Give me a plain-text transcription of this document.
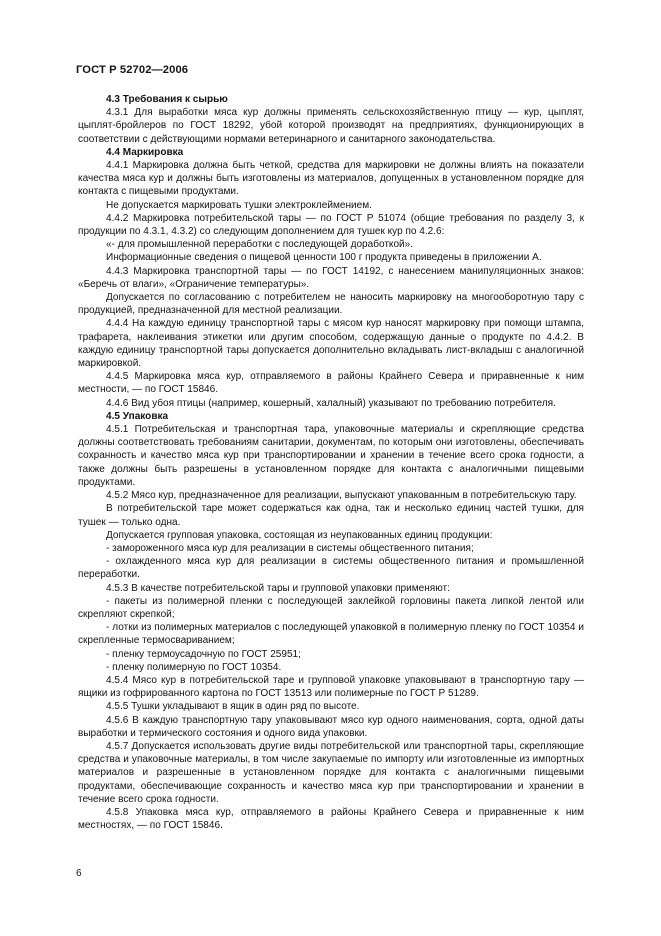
ГОСТ Р 52702—2006

4.3 Требования к сырью

4.3.1 Для выработки мяса кур должны применять сельскохозяйственную птицу — кур, цыплят, цыплят-бройлеров по ГОСТ 18292, убой которой производят на предприятиях, функционирующих в соответствии с действующими нормами ветеринарного и санитарного законодательства.

4.4 Маркировка

4.4.1 Маркировка должна быть четкой, средства для маркировки не должны влиять на показатели качества мяса кур и должны быть изготовлены из материалов, допущенных в установленном порядке для контакта с пищевыми продуктами.

Не допускается маркировать тушки электроклеймением.

4.4.2 Маркировка потребительской тары — по ГОСТ Р 51074 (общие требования по разделу 3, к продукции по 4.3.1, 4.3.2) со следующим дополнением для тушек кур по 4.2.6:

«- для промышленной переработки с последующей доработкой».

Информационные сведения о пищевой ценности 100 г продукта приведены в приложении А.

4.4.3 Маркировка транспортной тары — по ГОСТ 14192, с нанесением манипуляционных знаков: «Беречь от влаги», «Ограничение температуры».

Допускается по согласованию с потребителем не наносить маркировку на многооборотную тару с продукцией, предназначенной для местной реализации.

4.4.4 На каждую единицу транспортной тары с мясом кур наносят маркировку при помощи штампа, трафарета, наклеивания этикетки или другим способом, содержащую данные о продукте по 4.4.2. В каждую единицу транспортной тары допускается дополнительно вкладывать лист-вкладыш с аналогичной маркировкой.

4.4.5 Маркировка мяса кур, отправляемого в районы Крайнего Севера и приравненные к ним местности, — по ГОСТ 15846.

4.4.6 Вид убоя птицы (например, кошерный, халалный) указывают по требованию потребителя.

4.5 Упаковка

4.5.1 Потребительская и транспортная тара, упаковочные материалы и скрепляющие средства должны соответствовать требованиям санитарии, документам, по которым они изготовлены, обеспечивать сохранность и качество мяса кур при транспортировании и хранении в течение всего срока годности, а также должны быть разрешены в установленном порядке для контакта с аналогичными пищевыми продуктами.

4.5.2 Мясо кур, предназначенное для реализации, выпускают упакованным в потребительскую тару.

В потребительской таре может содержаться как одна, так и несколько единиц частей тушки, для тушек — только одна.

Допускается групповая упаковка, состоящая из неупакованных единиц продукции:

- замороженного мяса кур для реализации в системы общественного питания;

- охлажденного мяса кур для реализации в системы общественного питания и промышленной переработки.

4.5.3 В качестве потребительской тары и групповой упаковки применяют:

- пакеты из полимерной пленки с последующей заклейкой горловины пакета липкой лентой или скрепляют скрепкой;

- лотки из полимерных материалов с последующей упаковкой в полимерную пленку по ГОСТ 10354 и скрепленные термосвариванием;

- пленку термоусадочную по ГОСТ 25951;

- пленку полимерную по ГОСТ 10354.

4.5.4 Мясо кур в потребительской таре и групповой упаковке упаковывают в транспортную тару — ящики из гофрированного картона по ГОСТ 13513 или полимерные по ГОСТ Р 51289.

4.5.5 Тушки укладывают в ящик в один ряд по высоте.

4.5.6 В каждую транспортную тару упаковывают мясо кур одного наименования, сорта, одной даты выработки и термического состояния и одного вида упаковки.

4.5.7 Допускается использовать другие виды потребительской или транспортной тары, скрепляющие средства и упаковочные материалы, в том числе закупаемые по импорту или изготовленные из импортных материалов и разрешенные в установленном порядке для контакта с аналогичными пищевыми продуктами, обеспечивающие сохранность и качество мяса кур при транспортировании и хранении в течение всего срока годности.

4.5.8 Упаковка мяса кур, отправляемого в районы Крайнего Севера и приравненные к ним местностях, — по ГОСТ 15846.

6
